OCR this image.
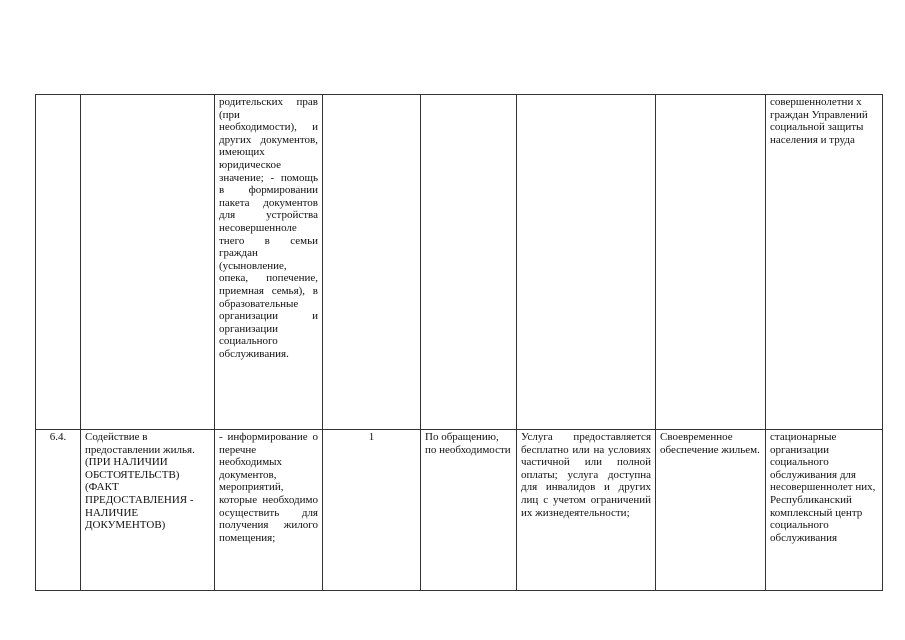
		родительских прав (при необходимости), и других документов, имеющих юридическое значение; - помощь в формировании пакета документов для устройства несовершенноле тнего в семьи граждан (усыновление, опека, попечение, приемная семья), в образовательные организации и организации социального обслуживания.					совершеннолетни х граждан Управлений социальной защиты населения и труда
6.4.	Содействие в предоставлении жилья. (ПРИ НАЛИЧИИ ОБСТОЯТЕЛЬСТВ) (ФАКТ ПРЕДОСТАВЛЕНИЯ - НАЛИЧИЕ ДОКУМЕНТОВ)	- информирование о перечне необходимых документов, мероприятий, которые необходимо осуществить для получения жилого помещения;	1	По обращению, по необходимости	Услуга предоставляется бесплатно или на условиях частичной или полной оплаты; услуга доступна для инвалидов и других лиц с учетом ограничений их жизнедеятельности;	Своевременное обеспечение жильем.	стационарные организации социального обслуживания для несовершеннолет них, Республиканский комплексный центр социального обслуживания
